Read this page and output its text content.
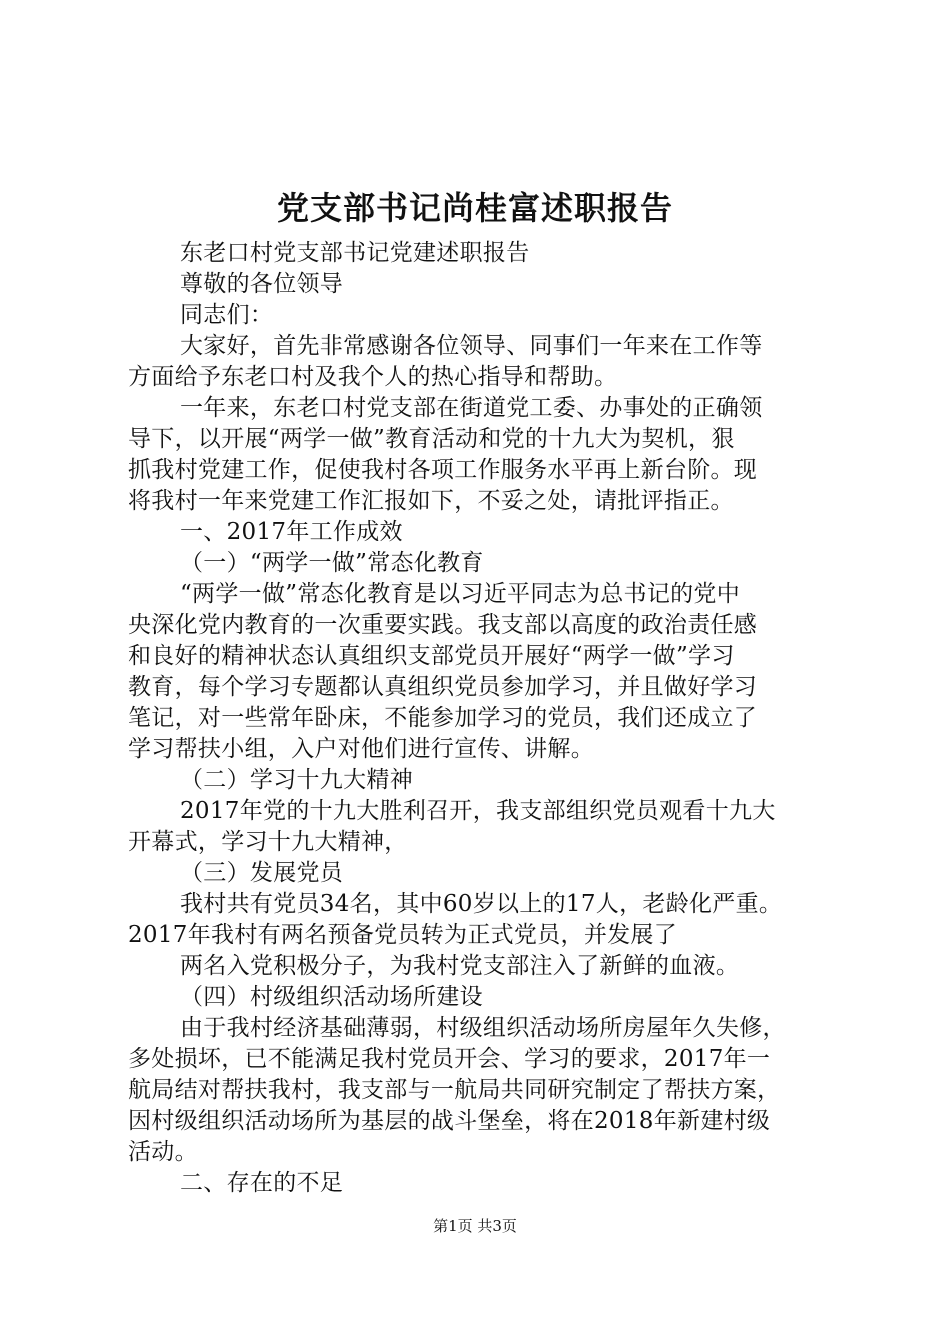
党支部书记尚桂富述职报告
东老口村党支部书记党建述职报告
尊敬的各位领导
同志们：
大家好，首先非常感谢各位领导、同事们一年来在工作等
方面给予东老口村及我个人的热心指导和帮助。
一年来，东老口村党支部在街道党工委、办事处的正确领
导下，以开展“两学一做”教育活动和党的十九大为契机，狠
抓我村党建工作，促使我村各项工作服务水平再上新台阶。现
将我村一年来党建工作汇报如下，不妥之处，请批评指正。
一、2017年工作成效
（一）“两学一做”常态化教育
“两学一做”常态化教育是以习近平同志为总书记的党中
央深化党内教育的一次重要实践。我支部以高度的政治责任感
和良好的精神状态认真组织支部党员开展好“两学一做”学习
教育，每个学习专题都认真组织党员参加学习，并且做好学习
笔记，对一些常年卧床，不能参加学习的党员，我们还成立了
学习帮扶小组，入户对他们进行宣传、讲解。
（二）学习十九大精神
2017年党的十九大胜利召开，我支部组织党员观看十九大
开幕式，学习十九大精神，
（三）发展党员
我村共有党员34名，其中60岁以上的17人，老龄化严重。
2017年我村有两名预备党员转为正式党员，并发展了
两名入党积极分子，为我村党支部注入了新鲜的血液。
（四）村级组织活动场所建设
由于我村经济基础薄弱，村级组织活动场所房屋年久失修，
多处损坏，已不能满足我村党员开会、学习的要求，2017年一
航局结对帮扶我村，我支部与一航局共同研究制定了帮扶方案，
因村级组织活动场所为基层的战斗堡垒，将在2018年新建村级
活动。
二、存在的不足
第1页 共3页
